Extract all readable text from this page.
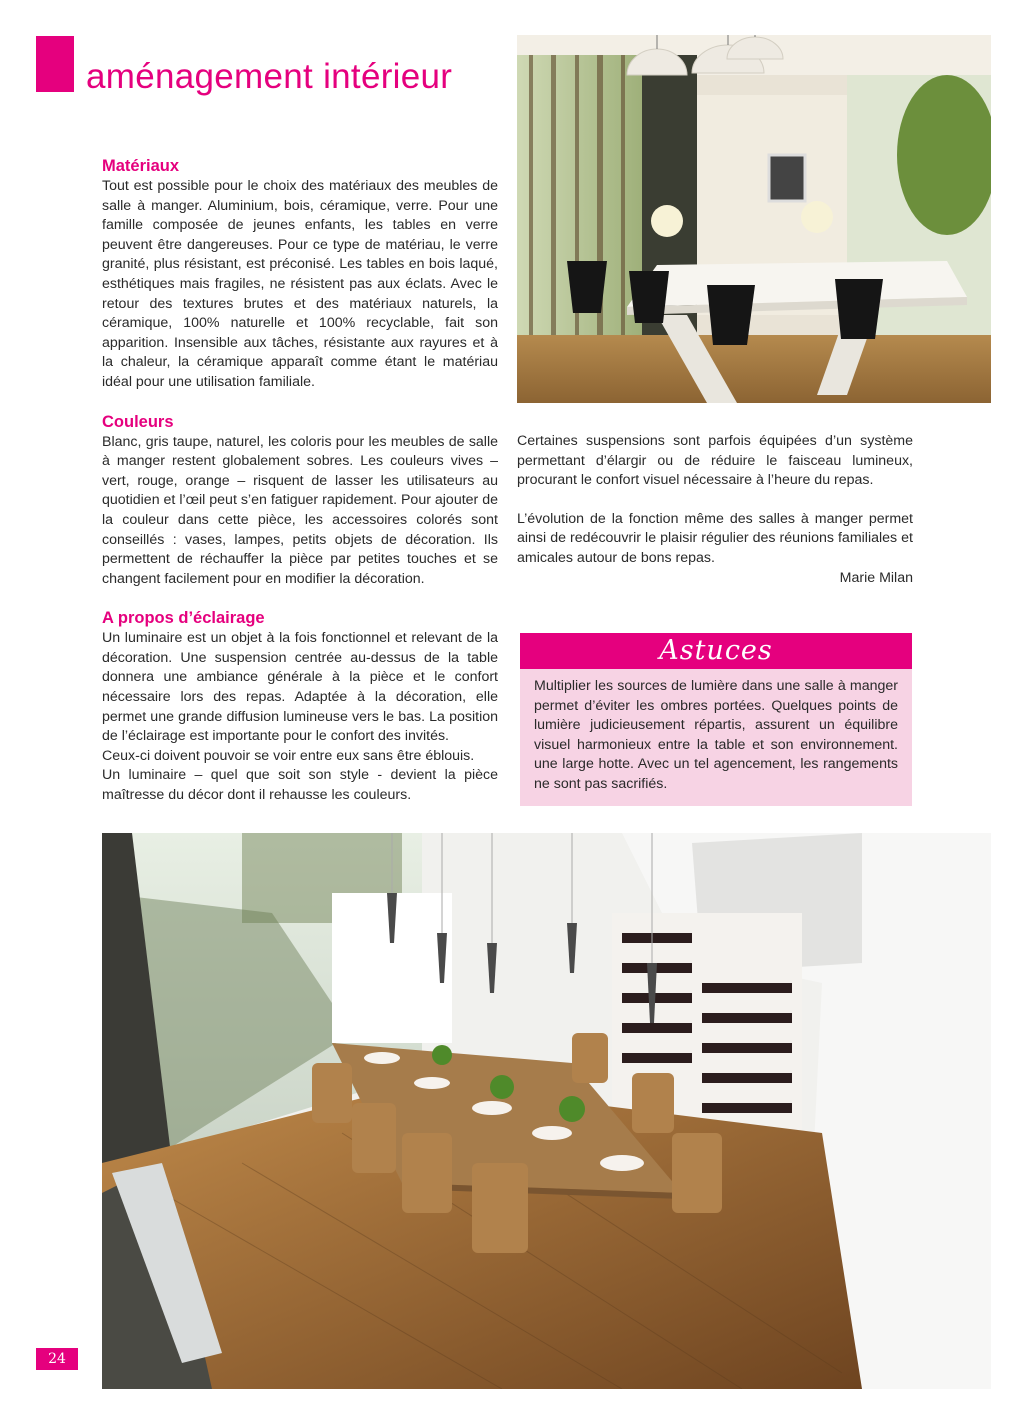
aménagement intérieur
Matériaux

Tout est possible pour le choix des matériaux des meubles de salle à manger. Aluminium, bois, céramique, verre. Pour une famille composée de jeunes enfants, les tables en verre peuvent être dangereuses. Pour ce type de matériau, le verre granité, plus résistant, est préconisé. Les tables en bois laqué, esthétiques mais fragiles, ne résistent pas aux éclats. Avec le retour des textures brutes et des matériaux naturels, la céramique, 100% naturelle et 100% recyclable, fait son apparition. Insensible aux tâches, résistante aux rayures et à la chaleur, la céramique apparaît comme étant le matériau idéal pour une utilisation familiale.

Couleurs

Blanc, gris taupe, naturel, les coloris pour les meubles de salle à manger restent globalement sobres. Les couleurs vives – vert, rouge, orange – risquent de lasser les utilisateurs au quotidien et l’œil peut s’en fatiguer rapidement. Pour ajouter de la couleur dans cette pièce, les accessoires colorés sont conseillés : vases, lampes, petits objets de décoration. Ils permettent de réchauffer la pièce par petites touches et se changent facilement pour en modifier la décoration.

A propos d’éclairage

Un luminaire est un objet à la fois fonctionnel et relevant de la décoration. Une suspension centrée au-dessus de la table donnera une ambiance générale à la pièce et le confort nécessaire lors des repas. Adaptée à la décoration, elle permet une grande diffusion lumineuse vers le bas. La position de l’éclairage est importante pour le confort des invités.

Ceux-ci doivent pouvoir se voir entre eux sans être éblouis.

Un luminaire – quel que soit son style - devient la pièce maîtresse du décor dont il rehausse les couleurs.

Certaines suspensions sont parfois équipées d’un système permettant d’élargir ou de réduire le faisceau lumineux, procurant le confort visuel nécessaire à l’heure du repas.

L’évolution de la fonction même des salles à manger permet ainsi de redécouvrir le plaisir régulier des réunions familiales et amicales autour de bons repas.

Marie Milan

Astuces
Multiplier les sources de lumière dans une salle à manger permet d’éviter les ombres portées. Quelques points de lumière judicieusement répartis, assurent un équilibre visuel harmonieux entre la table et son environnement. une large hotte. Avec un tel agencement, les rangements ne sont pas sacrifiés.
24
